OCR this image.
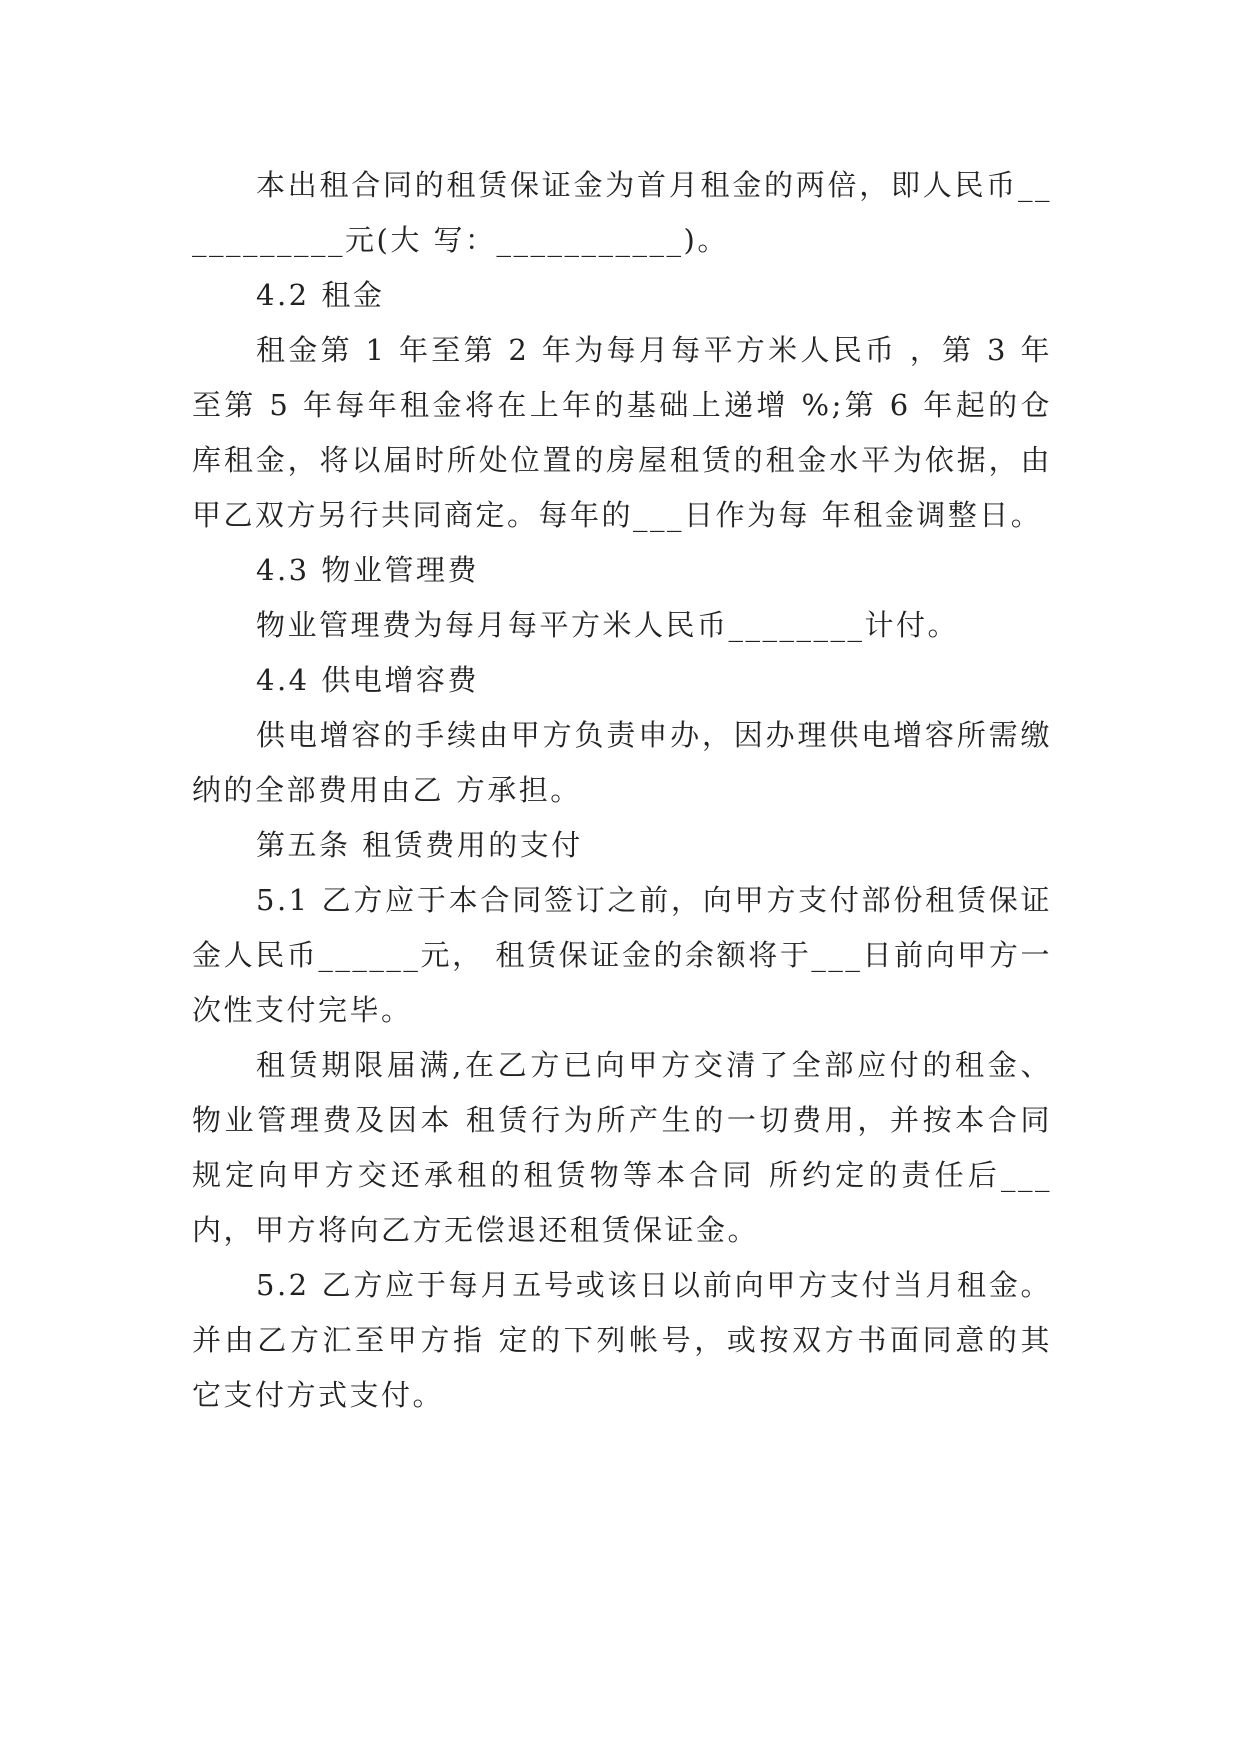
本出租合同的租赁保证金为首月租金的两倍，即人民币___________元(大 写：___________)。

4.2 租金

租金第 1 年至第 2 年为每月每平方米人民币 ，第 3 年至第 5 年每年租金将在上年的基础上递增 %;第 6 年起的仓库租金，将以届时所处位置的房屋租赁的租金水平为依据，由甲乙双方另行共同商定。每年的___日作为每 年租金调整日。

4.3 物业管理费

物业管理费为每月每平方米人民币________计付。

4.4 供电增容费

供电增容的手续由甲方负责申办，因办理供电增容所需缴纳的全部费用由乙 方承担。

第五条 租赁费用的支付

5.1 乙方应于本合同签订之前，向甲方支付部份租赁保证金人民币______元， 租赁保证金的余额将于___日前向甲方一次性支付完毕。

租赁期限届满,在乙方已向甲方交清了全部应付的租金、物业管理费及因本 租赁行为所产生的一切费用，并按本合同规定向甲方交还承租的租赁物等本合同 所约定的责任后___内，甲方将向乙方无偿退还租赁保证金。

5.2 乙方应于每月五号或该日以前向甲方支付当月租金。并由乙方汇至甲方指 定的下列帐号，或按双方书面同意的其它支付方式支付。
